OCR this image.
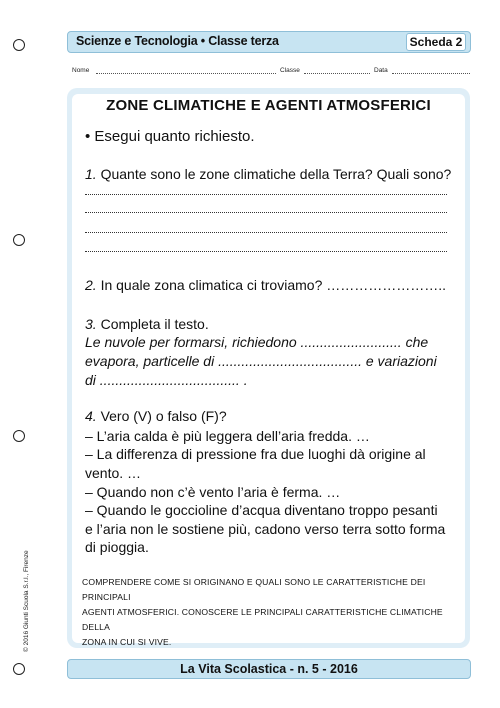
Scienze e Tecnologia • Classe terza	Scheda 2
Nome	Classe	Data
ZONE CLIMATICHE E AGENTI ATMOSFERICI
• Esegui quanto richiesto.
1. Quante sono le zone climatiche della Terra? Quali sono?
2. In quale zona climatica ci troviamo? ……………………..
3. Completa il testo.
Le nuvole per formarsi, richiedono .......................... che
evapora, particelle di ..................................... e variazioni
di .................................... .
4. Vero (V) o falso (F)?
– L’aria calda è più leggera dell’aria fredda. …
– La differenza di pressione fra due luoghi dà origine al
vento. …
– Quando non c’è vento l’aria è ferma. …
– Quando le goccioline d’acqua diventano troppo pesanti
e l’aria non le sostiene più, cadono verso terra sotto forma
di pioggia.
COMPRENDERE COME SI ORIGINANO E QUALI SONO LE CARATTERISTICHE DEI PRINCIPALI
AGENTI ATMOSFERICI. CONOSCERE LE PRINCIPALI CARATTERISTICHE CLIMATICHE DELLA
ZONA IN CUI SI VIVE.
© 2016 Giunti Scuola S.r.l., Firenze
La Vita Scolastica - n. 5 - 2016
